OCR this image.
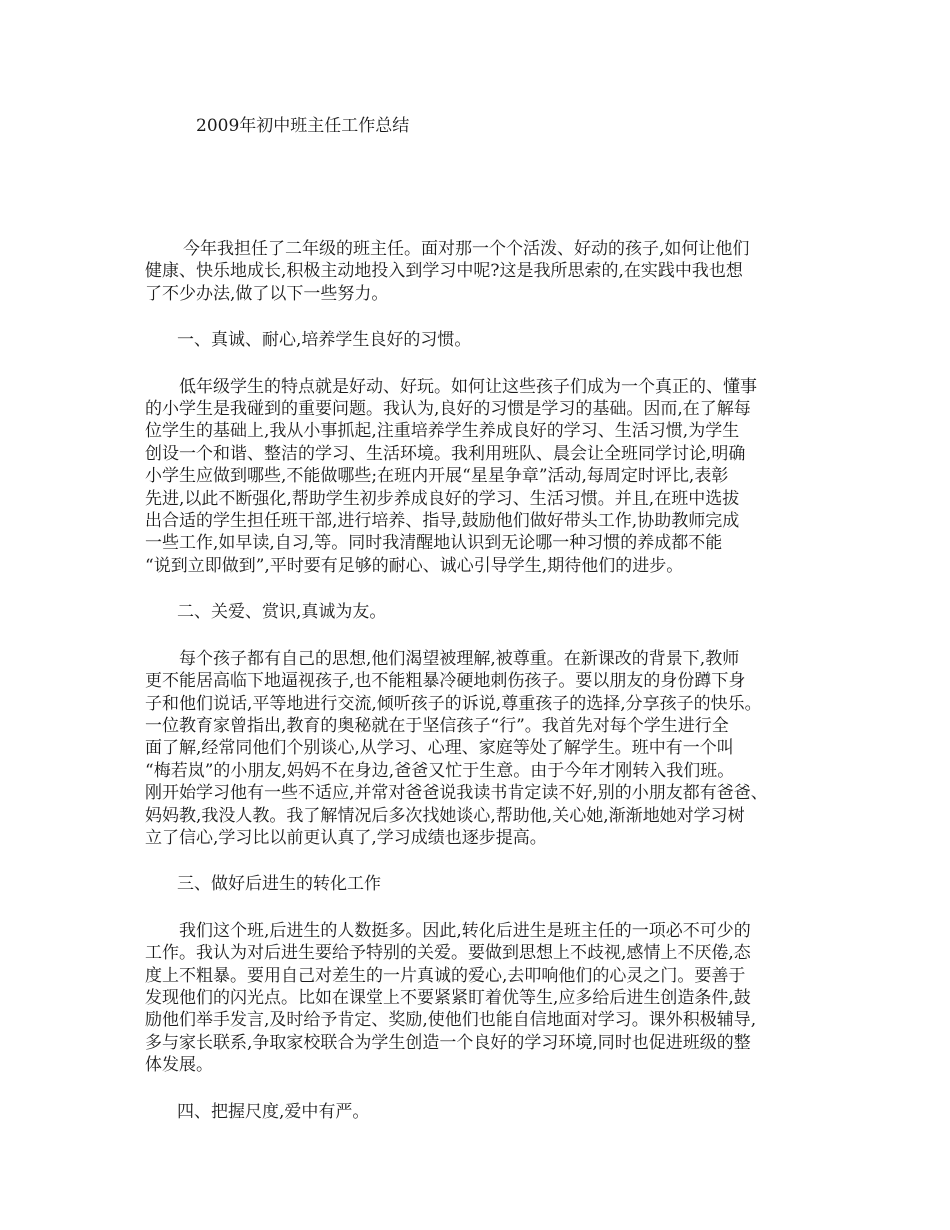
2009年初中班主任工作总结

今年我担任了二年级的班主任。面对那一个个活泼、好动的孩子,如何让他们
健康、快乐地成长,积极主动地投入到学习中呢?这是我所思索的,在实践中我也想
了不少办法,做了以下一些努力。

一、真诚、耐心,培养学生良好的习惯。

低年级学生的特点就是好动、好玩。如何让这些孩子们成为一个真正的、懂事
的小学生是我碰到的重要问题。我认为,良好的习惯是学习的基础。因而,在了解每
位学生的基础上,我从小事抓起,注重培养学生养成良好的学习、生活习惯,为学生
创设一个和谐、整洁的学习、生活环境。我利用班队、晨会让全班同学讨论,明确
小学生应做到哪些,不能做哪些;在班内开展“星星争章”活动,每周定时评比,表彰
先进,以此不断强化,帮助学生初步养成良好的学习、生活习惯。并且,在班中选拔
出合适的学生担任班干部,进行培养、指导,鼓励他们做好带头工作,协助教师完成
一些工作,如早读,自习,等。同时我清醒地认识到无论哪一种习惯的养成都不能
“说到立即做到”,平时要有足够的耐心、诚心引导学生,期待他们的进步。

二、关爱、赏识,真诚为友。

每个孩子都有自己的思想,他们渴望被理解,被尊重。在新课改的背景下,教师
更不能居高临下地逼视孩子,也不能粗暴冷硬地刺伤孩子。要以朋友的身份蹲下身
子和他们说话,平等地进行交流,倾听孩子的诉说,尊重孩子的选择,分享孩子的快乐。
一位教育家曾指出,教育的奥秘就在于坚信孩子“行”。我首先对每个学生进行全
面了解,经常同他们个别谈心,从学习、心理、家庭等处了解学生。班中有一个叫
“梅若岚”的小朋友,妈妈不在身边,爸爸又忙于生意。由于今年才刚转入我们班。
刚开始学习他有一些不适应,并常对爸爸说我读书肯定读不好,别的小朋友都有爸爸、
妈妈教,我没人教。我了解情况后多次找她谈心,帮助他,关心她,渐渐地她对学习树
立了信心,学习比以前更认真了,学习成绩也逐步提高。

三、做好后进生的转化工作

我们这个班,后进生的人数挺多。因此,转化后进生是班主任的一项必不可少的
工作。我认为对后进生要给予特别的关爱。要做到思想上不歧视,感情上不厌倦,态
度上不粗暴。要用自己对差生的一片真诚的爱心,去叩响他们的心灵之门。要善于
发现他们的闪光点。比如在课堂上不要紧紧盯着优等生,应多给后进生创造条件,鼓
励他们举手发言,及时给予肯定、奖励,使他们也能自信地面对学习。课外积极辅导,
多与家长联系,争取家校联合为学生创造一个良好的学习环境,同时也促进班级的整
体发展。

四、把握尺度,爱中有严。
